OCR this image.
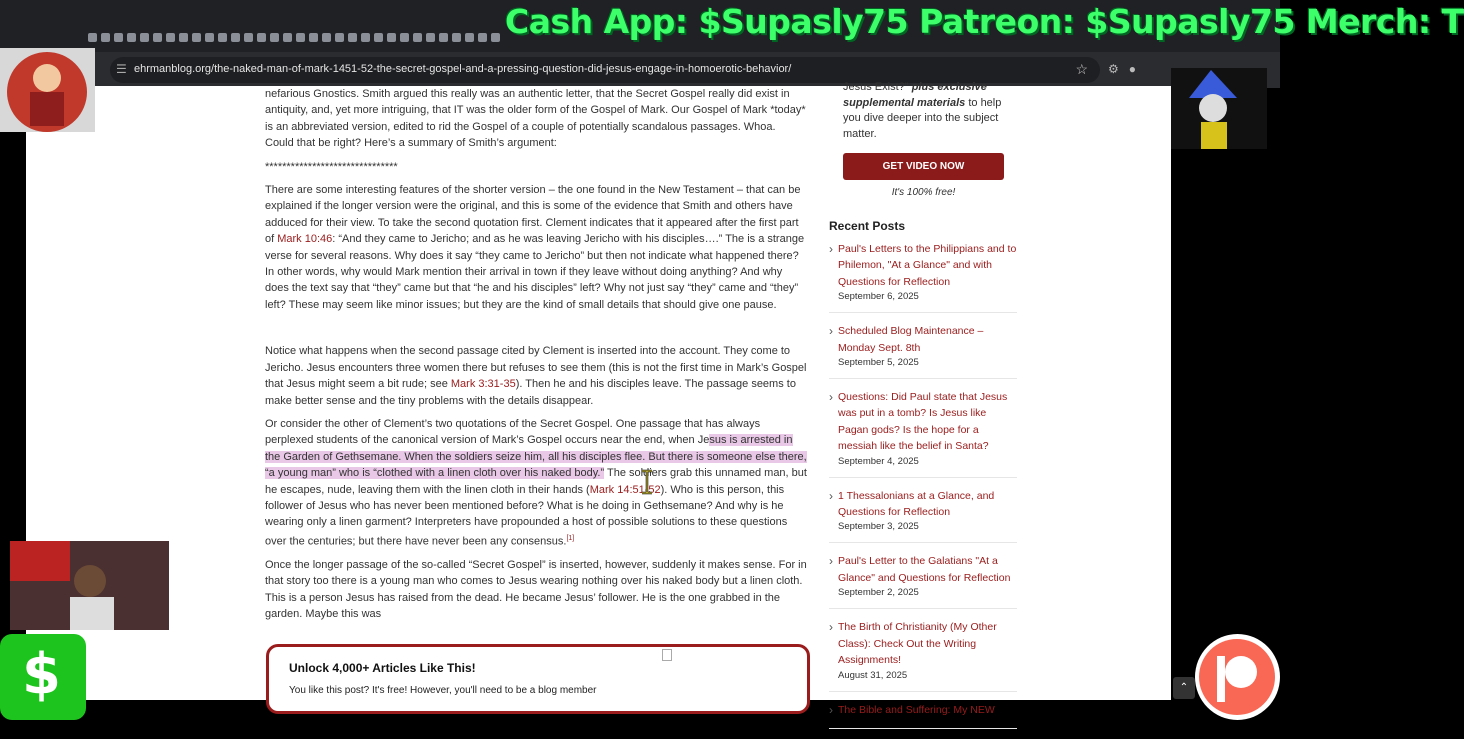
Cash App: $Supasly75 Patreon: $Supasly75 Merch: T
☰ ehrmanblog.org/the-naked-man-of-mark-1451-52-the-secret-gospel-and-a-pressing-question-did-jesus-engage-in-homoerotic-behavior/	☆ ⚙ ●

nefarious Gnostics. Smith argued this really was an authentic letter, that the Secret Gospel really did exist in antiquity, and, yet more intriguing, that IT was the older form of the Gospel of Mark. Our Gospel of Mark *today* is an abbreviated version, edited to rid the Gospel of a couple of potentially scandalous passages. Whoa. Could that be right? Here’s a summary of Smith’s argument:

*******************************

There are some interesting features of the shorter version – the one found in the New Testament – that can be explained if the longer version were the original, and this is some of the evidence that Smith and others have adduced for their view. To take the second quotation first. Clement indicates that it appeared after the first part of Mark 10:46: “And they came to Jericho; and as he was leaving Jericho with his disciples….” The is a strange verse for several reasons. Why does it say “they came to Jericho” but then not indicate what happened there? In other words, why would Mark mention their arrival in town if they leave without doing anything? And why does the text say that “they” came but that “he and his disciples” left? Why not just say “they” came and “they” left? These may seem like minor issues; but they are the kind of small details that should give one pause.

Notice what happens when the second passage cited by Clement is inserted into the account. They come to Jericho. Jesus encounters three women there but refuses to see them (this is not the first time in Mark’s Gospel that Jesus might seem a bit rude; see Mark 3:31-35). Then he and his disciples leave. The passage seems to make better sense and the tiny problems with the details disappear.

Or consider the other of Clement’s two quotations of the Secret Gospel. One passage that has always perplexed students of the canonical version of Mark’s Gospel occurs near the end, when Jesus is arrested in the Garden of Gethsemane. When the soldiers seize him, all his disciples flee. But there is someone else there, “a young man” who is “clothed with a linen cloth over his naked body.” The soldiers grab this unnamed man, but he escapes, nude, leaving them with the linen cloth in their hands (Mark 14:51-52). Who is this person, this follower of Jesus who has never been mentioned before? What is he doing in Gethsemane? And why is he wearing only a linen garment? Interpreters have propounded a host of possible solutions to these questions over the centuries; but there have never been any consensus.[1]

Once the longer passage of the so-called “Secret Gospel” is inserted, however, suddenly it makes sense. For in that story too there is a young man who comes to Jesus wearing nothing over his naked body but a linen cloth. This is a person Jesus has raised from the dead. He became Jesus’ follower. He is the one grabbed in the garden. Maybe this was

Unlock 4,000+ Articles Like This!
You like this post? It's free! However, you'll need to be a blog member
Jesus Exist?" plus exclusive supplemental materials to help you dive deeper into the subject matter.
GET VIDEO NOW
It's 100% free!
Recent Posts
› Paul's Letters to the Philippians and to Philemon, "At a Glance" and with Questions for Reflection
September 6, 2025
› Scheduled Blog Maintenance – Monday Sept. 8th
September 5, 2025
› Questions: Did Paul state that Jesus was put in a tomb? Is Jesus like Pagan gods? Is the hope for a messiah like the belief in Santa?
September 4, 2025
› 1 Thessalonians at a Glance, and Questions for Reflection
September 3, 2025
› Paul's Letter to the Galatians "At a Glance" and Questions for Reflection
September 2, 2025
› The Birth of Christianity (My Other Class): Check Out the Writing Assignments!
August 31, 2025
› The Bible and Suffering: My NEW
⌃
$
